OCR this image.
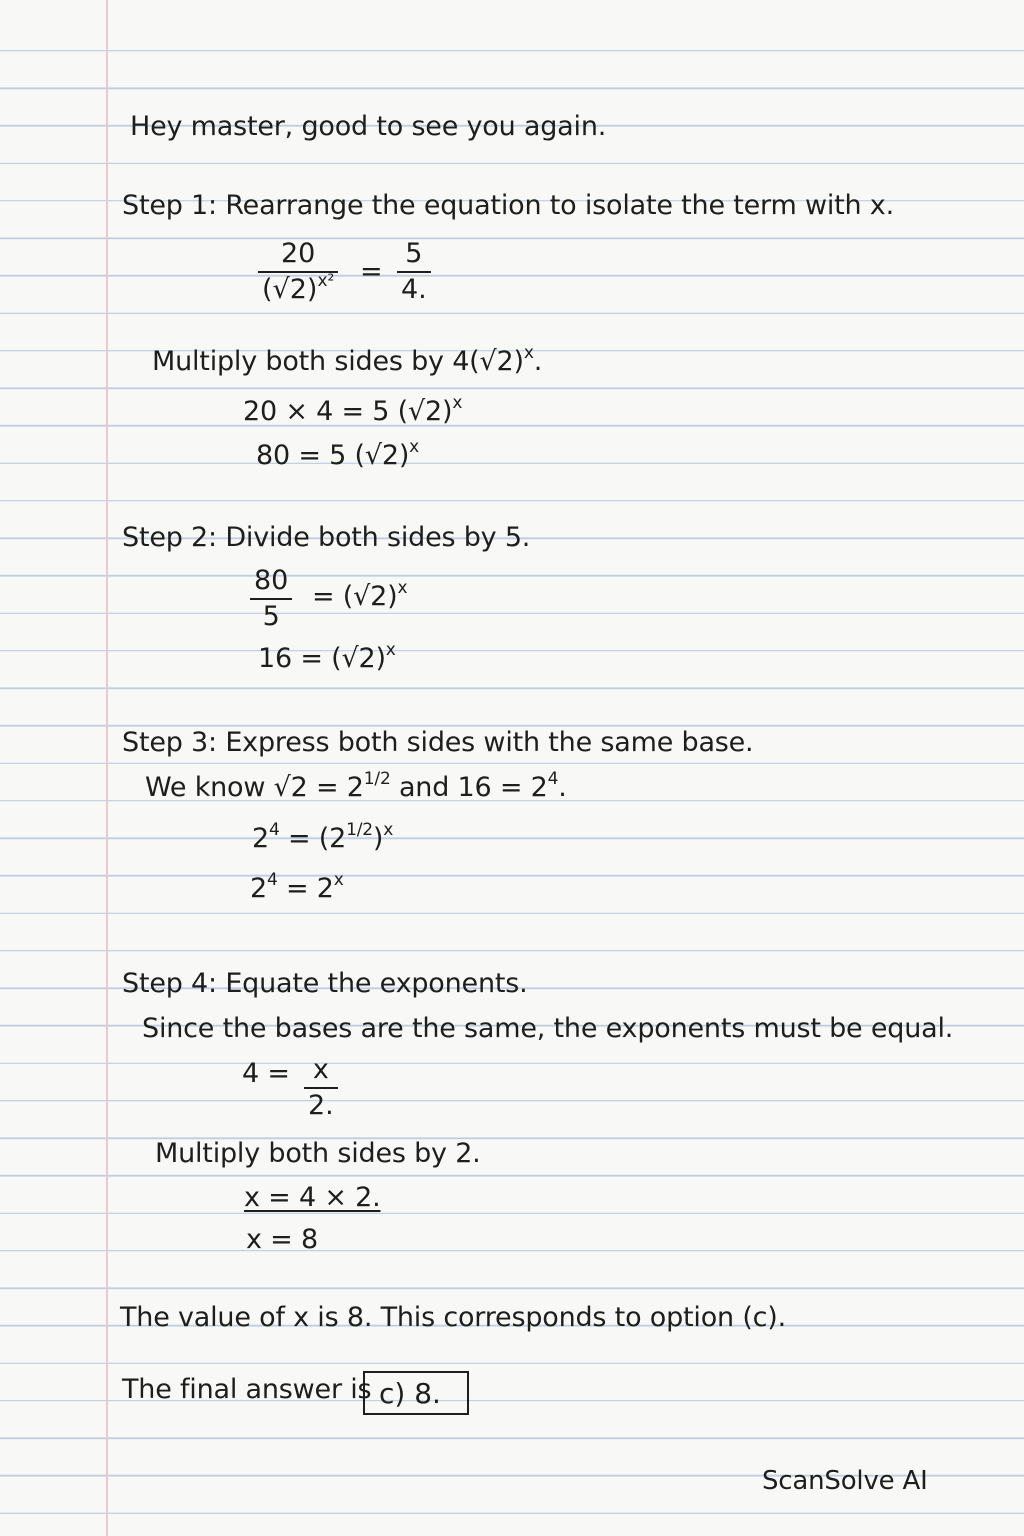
Hey master, good to see you again.
Step 1: Rearrange the equation to isolate the term with x.
20
$(√2)^{x^2}$ =
5
4.
Multiply both sides by $4(√2)^x$.
20 × 4 = 5 $(√2)^x$
80 = 5 $(√2)^x$
Step 2: Divide both sides by 5.
80
5
= $(√2)^x$
$16 = (√2)^x$
Step 3: Express both sides with the same base.
We know $√2 = 2^{1/2}$ and $16 = 2^4$.
$2^4 = (2^{1/2})^x$
$2^4 = 2^x$
Step 4: Equate the exponents.
Since the bases are the same, the exponents must be equal.
4 = x
2.
Multiply both sides by 2.
x = 4 × 2.
x = 8
The value of x is 8. This corresponds to option (c).
The final answer is c) 8.
ScanSolve AI
